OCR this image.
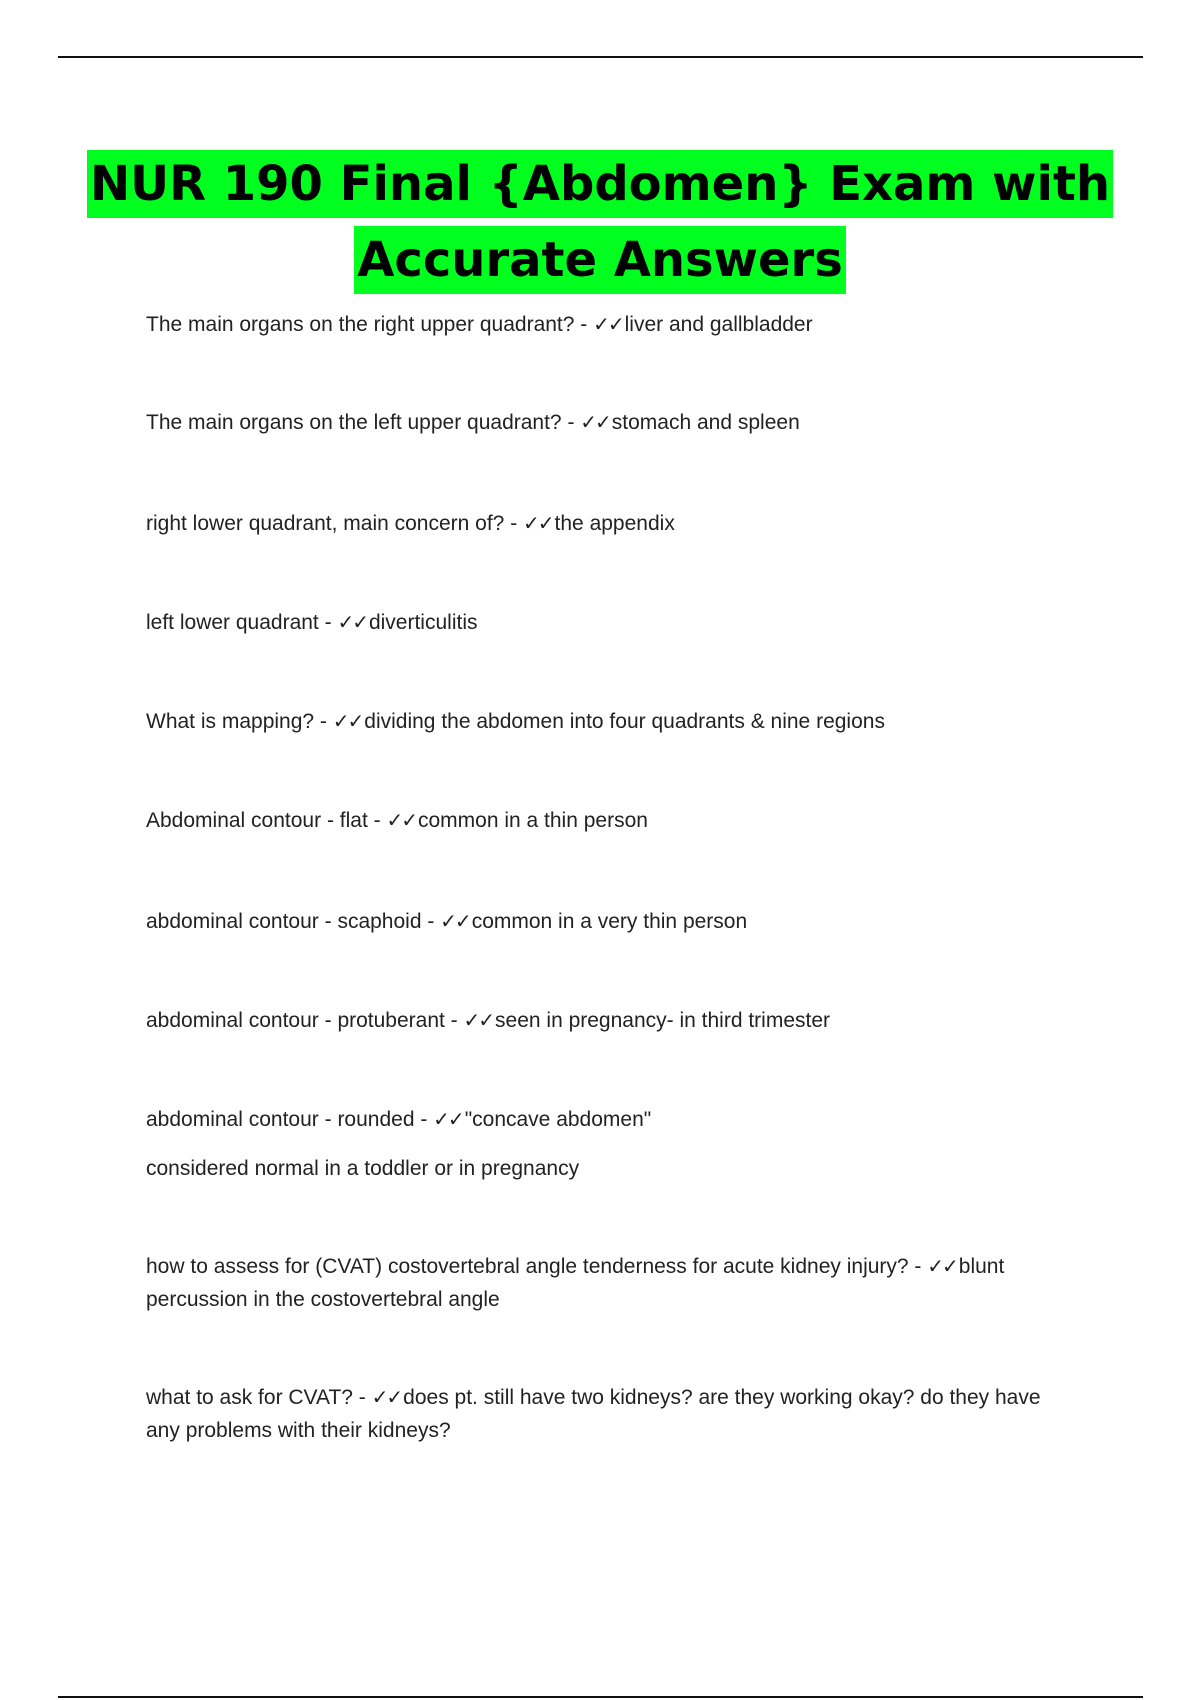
NUR 190 Final {Abdomen} Exam with
Accurate Answers

The main organs on the right upper quadrant? - ✓✓liver and gallbladder

The main organs on the left upper quadrant? - ✓✓stomach and spleen

right lower quadrant, main concern of? - ✓✓the appendix

left lower quadrant - ✓✓diverticulitis

What is mapping? - ✓✓dividing the abdomen into four quadrants & nine regions

Abdominal contour - flat - ✓✓common in a thin person

abdominal contour - scaphoid - ✓✓common in a very thin person

abdominal contour - protuberant - ✓✓seen in pregnancy- in third trimester

abdominal contour - rounded - ✓✓"concave abdomen"
considered normal in a toddler or in pregnancy

how to assess for (CVAT) costovertebral angle tenderness for acute kidney injury? - ✓✓blunt percussion in the costovertebral angle

what to ask for CVAT? - ✓✓does pt. still have two kidneys? are they working okay? do they have any problems with their kidneys?
